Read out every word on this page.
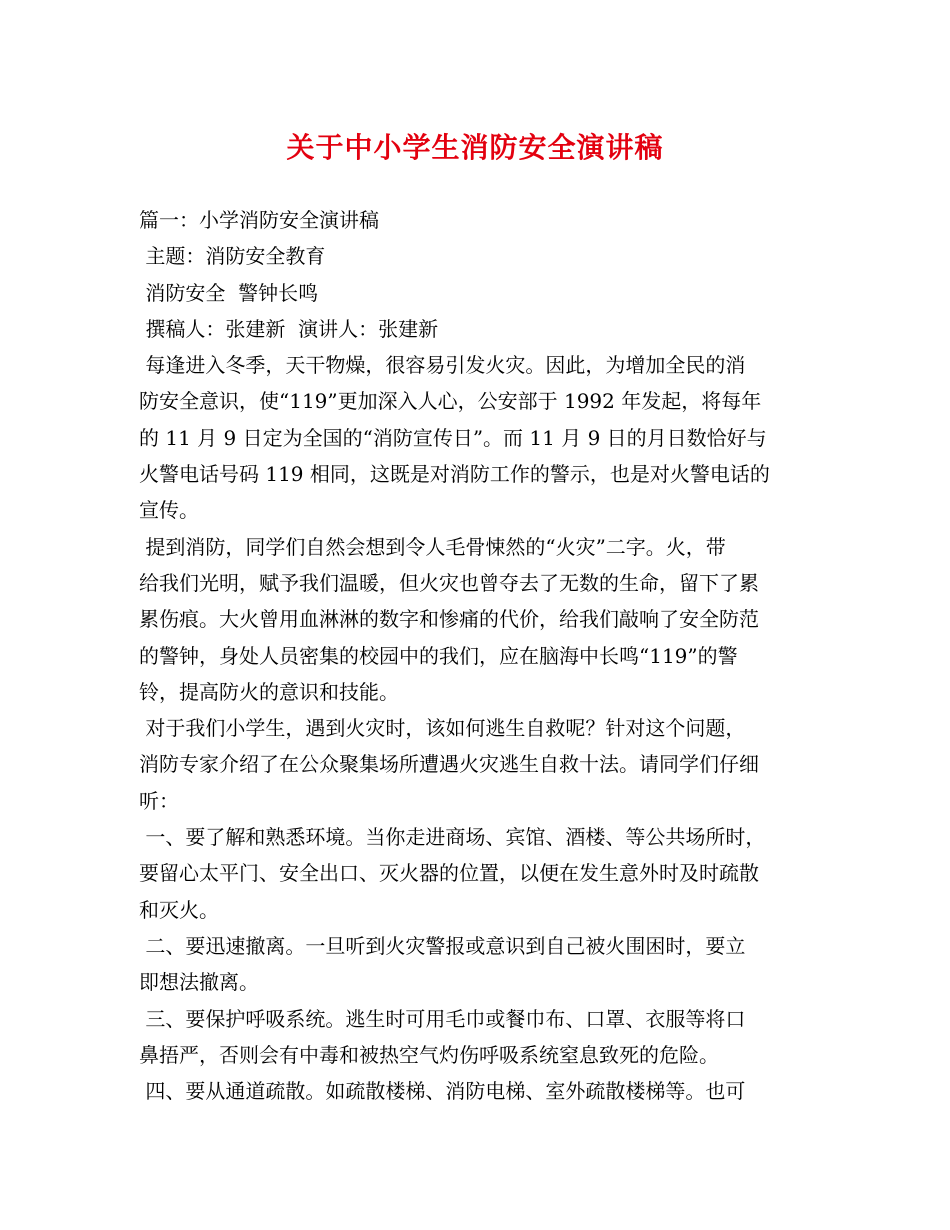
关于中小学生消防安全演讲稿
篇一：小学消防安全演讲稿
主题：消防安全教育
消防安全  警钟长鸣
撰稿人：张建新  演讲人：张建新
每逢进入冬季，天干物燥，很容易引发火灾。因此，为增加全民的消
防安全意识，使“119”更加深入人心，公安部于 1992 年发起，将每年
的 11 月 9 日定为全国的“消防宣传日”。而 11 月 9 日的月日数恰好与
火警电话号码 119 相同，这既是对消防工作的警示，也是对火警电话的
宣传。
提到消防，同学们自然会想到令人毛骨悚然的“火灾”二字。火，带
给我们光明，赋予我们温暖，但火灾也曾夺去了无数的生命，留下了累
累伤痕。大火曾用血淋淋的数字和惨痛的代价，给我们敲响了安全防范
的警钟，身处人员密集的校园中的我们，应在脑海中长鸣“119”的警
铃，提高防火的意识和技能。
对于我们小学生，遇到火灾时，该如何逃生自救呢？针对这个问题，
消防专家介绍了在公众聚集场所遭遇火灾逃生自救十法。请同学们仔细
听：
一、要了解和熟悉环境。当你走进商场、宾馆、酒楼、等公共场所时，
要留心太平门、安全出口、灭火器的位置，以便在发生意外时及时疏散
和灭火。
二、要迅速撤离。一旦听到火灾警报或意识到自己被火围困时，要立
即想法撤离。
三、要保护呼吸系统。逃生时可用毛巾或餐巾布、口罩、衣服等将口
鼻捂严，否则会有中毒和被热空气灼伤呼吸系统窒息致死的危险。
四、要从通道疏散。如疏散楼梯、消防电梯、室外疏散楼梯等。也可
